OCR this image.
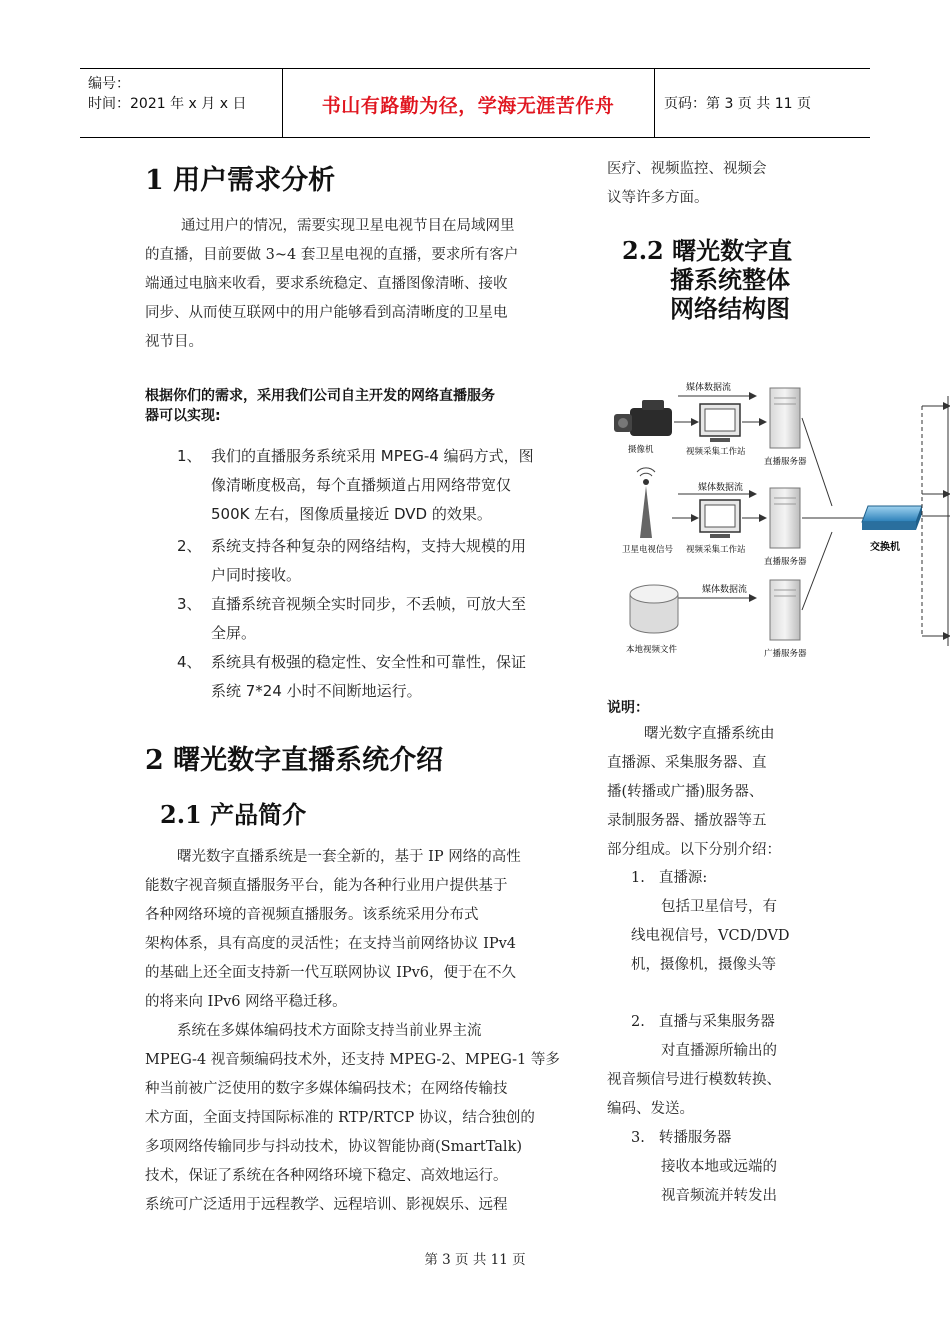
编号：
时间：2021 年 x 月 x 日	书山有路勤为径，学海无涯苦作舟	页码：第 3 页 共 11 页
1 用户需求分析

通过用户的情况，需要实现卫星电视节目在局域网里

的直播，目前要做 3~4 套卫星电视的直播，要求所有客户

端通过电脑来收看，要求系统稳定、直播图像清晰、接收

同步、从而使互联网中的用户能够看到高清晰度的卫星电

视节目。

根据你们的需求，采用我们公司自主开发的网络直播服务
器可以实现:
1、 我们的直播服务系统采用 MPEG-4 编码方式，图
像清晰度极高，每个直播频道占用网络带宽仅
500K 左右，图像质量接近 DVD 的效果。
2、 系统支持各种复杂的网络结构，支持大规模的用
户同时接收。
3、 直播系统音视频全实时同步，不丢帧，可放大至
全屏。
4、 系统具有极强的稳定性、安全性和可靠性，保证
系统 7*24 小时不间断地运行。
2 曙光数字直播系统介绍
2.1 产品简介

曙光数字直播系统是一套全新的，基于 IP 网络的高性

能数字视音频直播服务平台，能为各种行业用户提供基于

各种网络环境的音视频直播服务。该系统采用分布式

架构体系，具有高度的灵活性；在支持当前网络协议 IPv4

的基础上还全面支持新一代互联网协议 IPv6，便于在不久

的将来向 IPv6 网络平稳迁移。

系统在多媒体编码技术方面除支持当前业界主流

MPEG-4 视音频编码技术外，还支持 MPEG-2、MPEG-1 等多

种当前被广泛使用的数字多媒体编码技术；在网络传输技

术方面，全面支持国际标准的 RTP/RTCP 协议，结合独创的

多项网络传输同步与抖动技术，协议智能协商(SmartTalk)

技术，保证了系统在各种网络环境下稳定、高效地运行。

系统可广泛适用于远程教学、远程培训、影视娱乐、远程

医疗、视频监控、视频会
议等许多方面。
2.2 曙光数字直
播系统整体
网络结构图
媒体数据流
摄像机	视频采集工作站
直播服务器
媒体数据流
卫星电视信号 视频采集工作站
直播服务器
媒体数据流
本地视频文件	广播服务器
交换机
说明：
曙光数字直播系统由
直播源、采集服务器、直
播(转播或广播)服务器、
录制服务器、播放器等五
部分组成。以下分别介绍：
1. 直播源:
包括卫星信号，有
线电视信号，VCD/DVD
机，摄像机，摄像头等
2. 直播与采集服务器
对直播源所输出的
视音频信号进行模数转换、
编码、发送。
3. 转播服务器
接收本地或远端的
视音频流并转发出
第 3 页 共 11 页
